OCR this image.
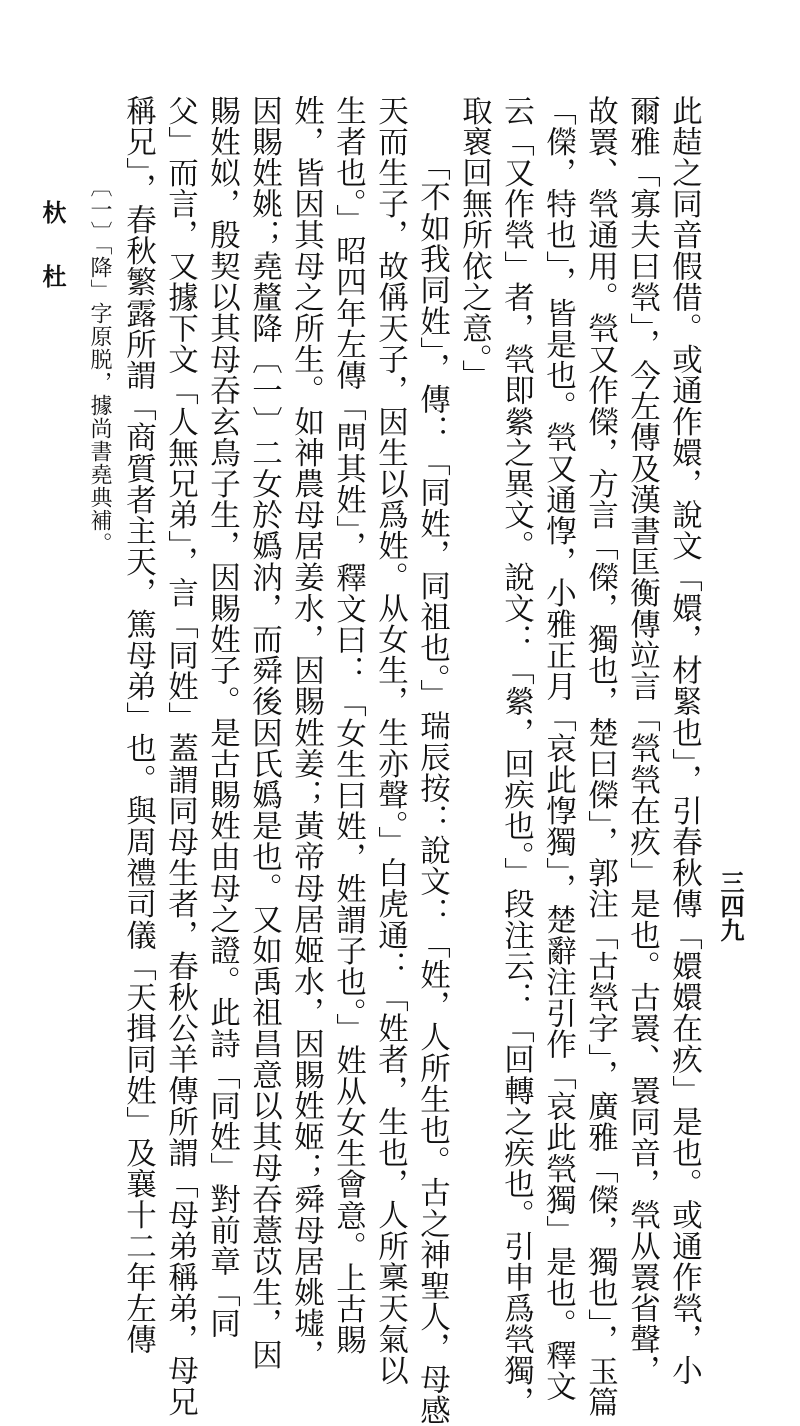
此趌之同音假借。或通作嬛，說文「嬛，材緊也」，引春秋傳「嬛嬛在疚」是也。或通作煢，小
爾雅「寡夫曰煢」，今左傳及漢書匡衡傳竝言「煢煢在疚」是也。古瞏、瞏同音，煢从瞏省聲，
故瞏、煢通用。煢又作儝，方言「儝，獨也，楚曰儝」，郭注「古煢字」，廣雅「儝，獨也」，玉篇
「儝，特也」，皆是也。煢又通惸，小雅正月「哀此惸獨」，楚辭注引作「哀此煢獨」是也。釋文
云「又作煢」者，煢即縈之異文。說文：「縈，回疾也。」段注云：「回轉之疾也。引申爲煢獨，
取褱回無所依之意。」
「不如我同姓」，傳：「同姓，同祖也。」瑞辰按：說文：「姓，人所生也。古之神聖人，母感
天而生子，故偁天子，因生以爲姓。从女生，生亦聲。」白虎通：「姓者，生也，人所稟天氣以
生者也。」昭四年左傳「問其姓」，釋文曰：「女生曰姓，姓謂子也。」姓从女生會意。上古賜
姓，皆因其母之所生。如神農母居姜水，因賜姓姜；黃帝母居姬水，因賜姓姬；舜母居姚墟，
因賜姓姚；堯釐降〔一〕二女於嬀汭，而舜後因氏嬀是也。又如禹祖昌意以其母吞薏苡生，因
賜姓姒，殷契以其母吞玄鳥子生，因賜姓子。是古賜姓由母之證。此詩「同姓」對前章「同
父」而言，又據下文「人無兄弟」，言「同姓」蓋謂同母生者，春秋公羊傳所謂「母弟稱弟，母兄
稱兄」，春秋繁露所謂「商質者主天，篤母弟」也。與周禮司儀「天揖同姓」及襄十二年左傳
〔一〕「降」字原脱，據尚書堯典補。
杕杜
三四九
